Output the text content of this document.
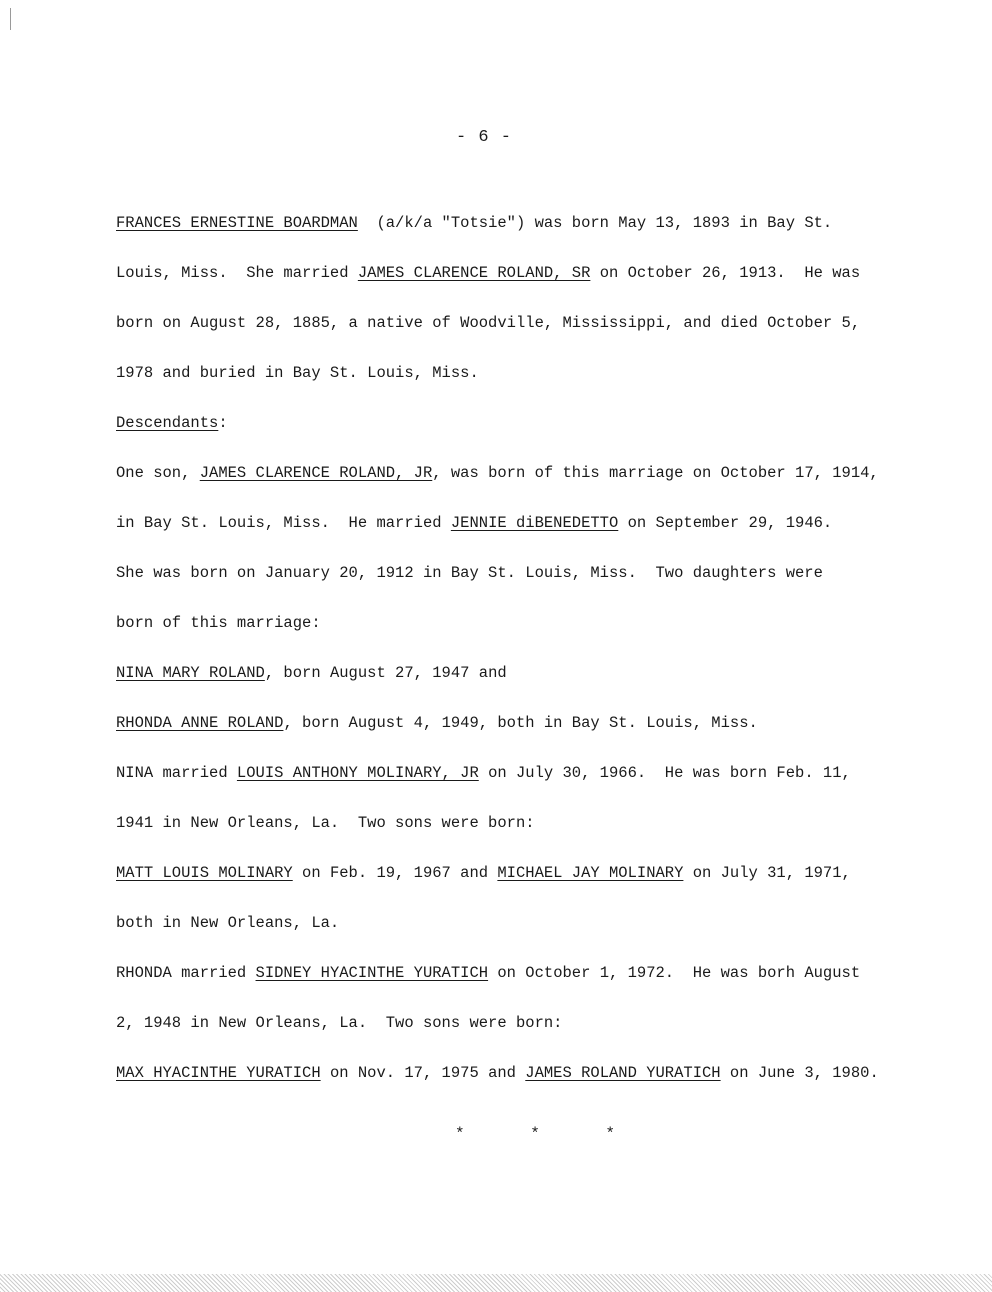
- 6 -
FRANCES ERNESTINE BOARDMAN  (a/k/a "Totsie") was born May 13, 1893 in Bay St.
Louis, Miss.  She married JAMES CLARENCE ROLAND, SR on October 26, 1913.  He was
born on August 28, 1885, a native of Woodville, Mississippi, and died October 5,
1978 and buried in Bay St. Louis, Miss.
Descendants:
One son, JAMES CLARENCE ROLAND, JR, was born of this marriage on October 17, 1914,
in Bay St. Louis, Miss.  He married JENNIE diBENEDETTO on September 29, 1946.
She was born on January 20, 1912 in Bay St. Louis, Miss.  Two daughters were
born of this marriage:
NINA MARY ROLAND, born August 27, 1947 and
RHONDA ANNE ROLAND, born August 4, 1949, both in Bay St. Louis, Miss.
NINA married LOUIS ANTHONY MOLINARY, JR on July 30, 1966.  He was born Feb. 11,
1941 in New Orleans, La.  Two sons were born:
MATT LOUIS MOLINARY on Feb. 19, 1967 and MICHAEL JAY MOLINARY on July 31, 1971,
both in New Orleans, La.
RHONDA married SIDNEY HYACINTHE YURATICH on October 1, 1972.  He was borh August
2, 1948 in New Orleans, La.  Two sons were born:
MAX HYACINTHE YURATICH on Nov. 17, 1975 and JAMES ROLAND YURATICH on June 3, 1980.
*	*	*
